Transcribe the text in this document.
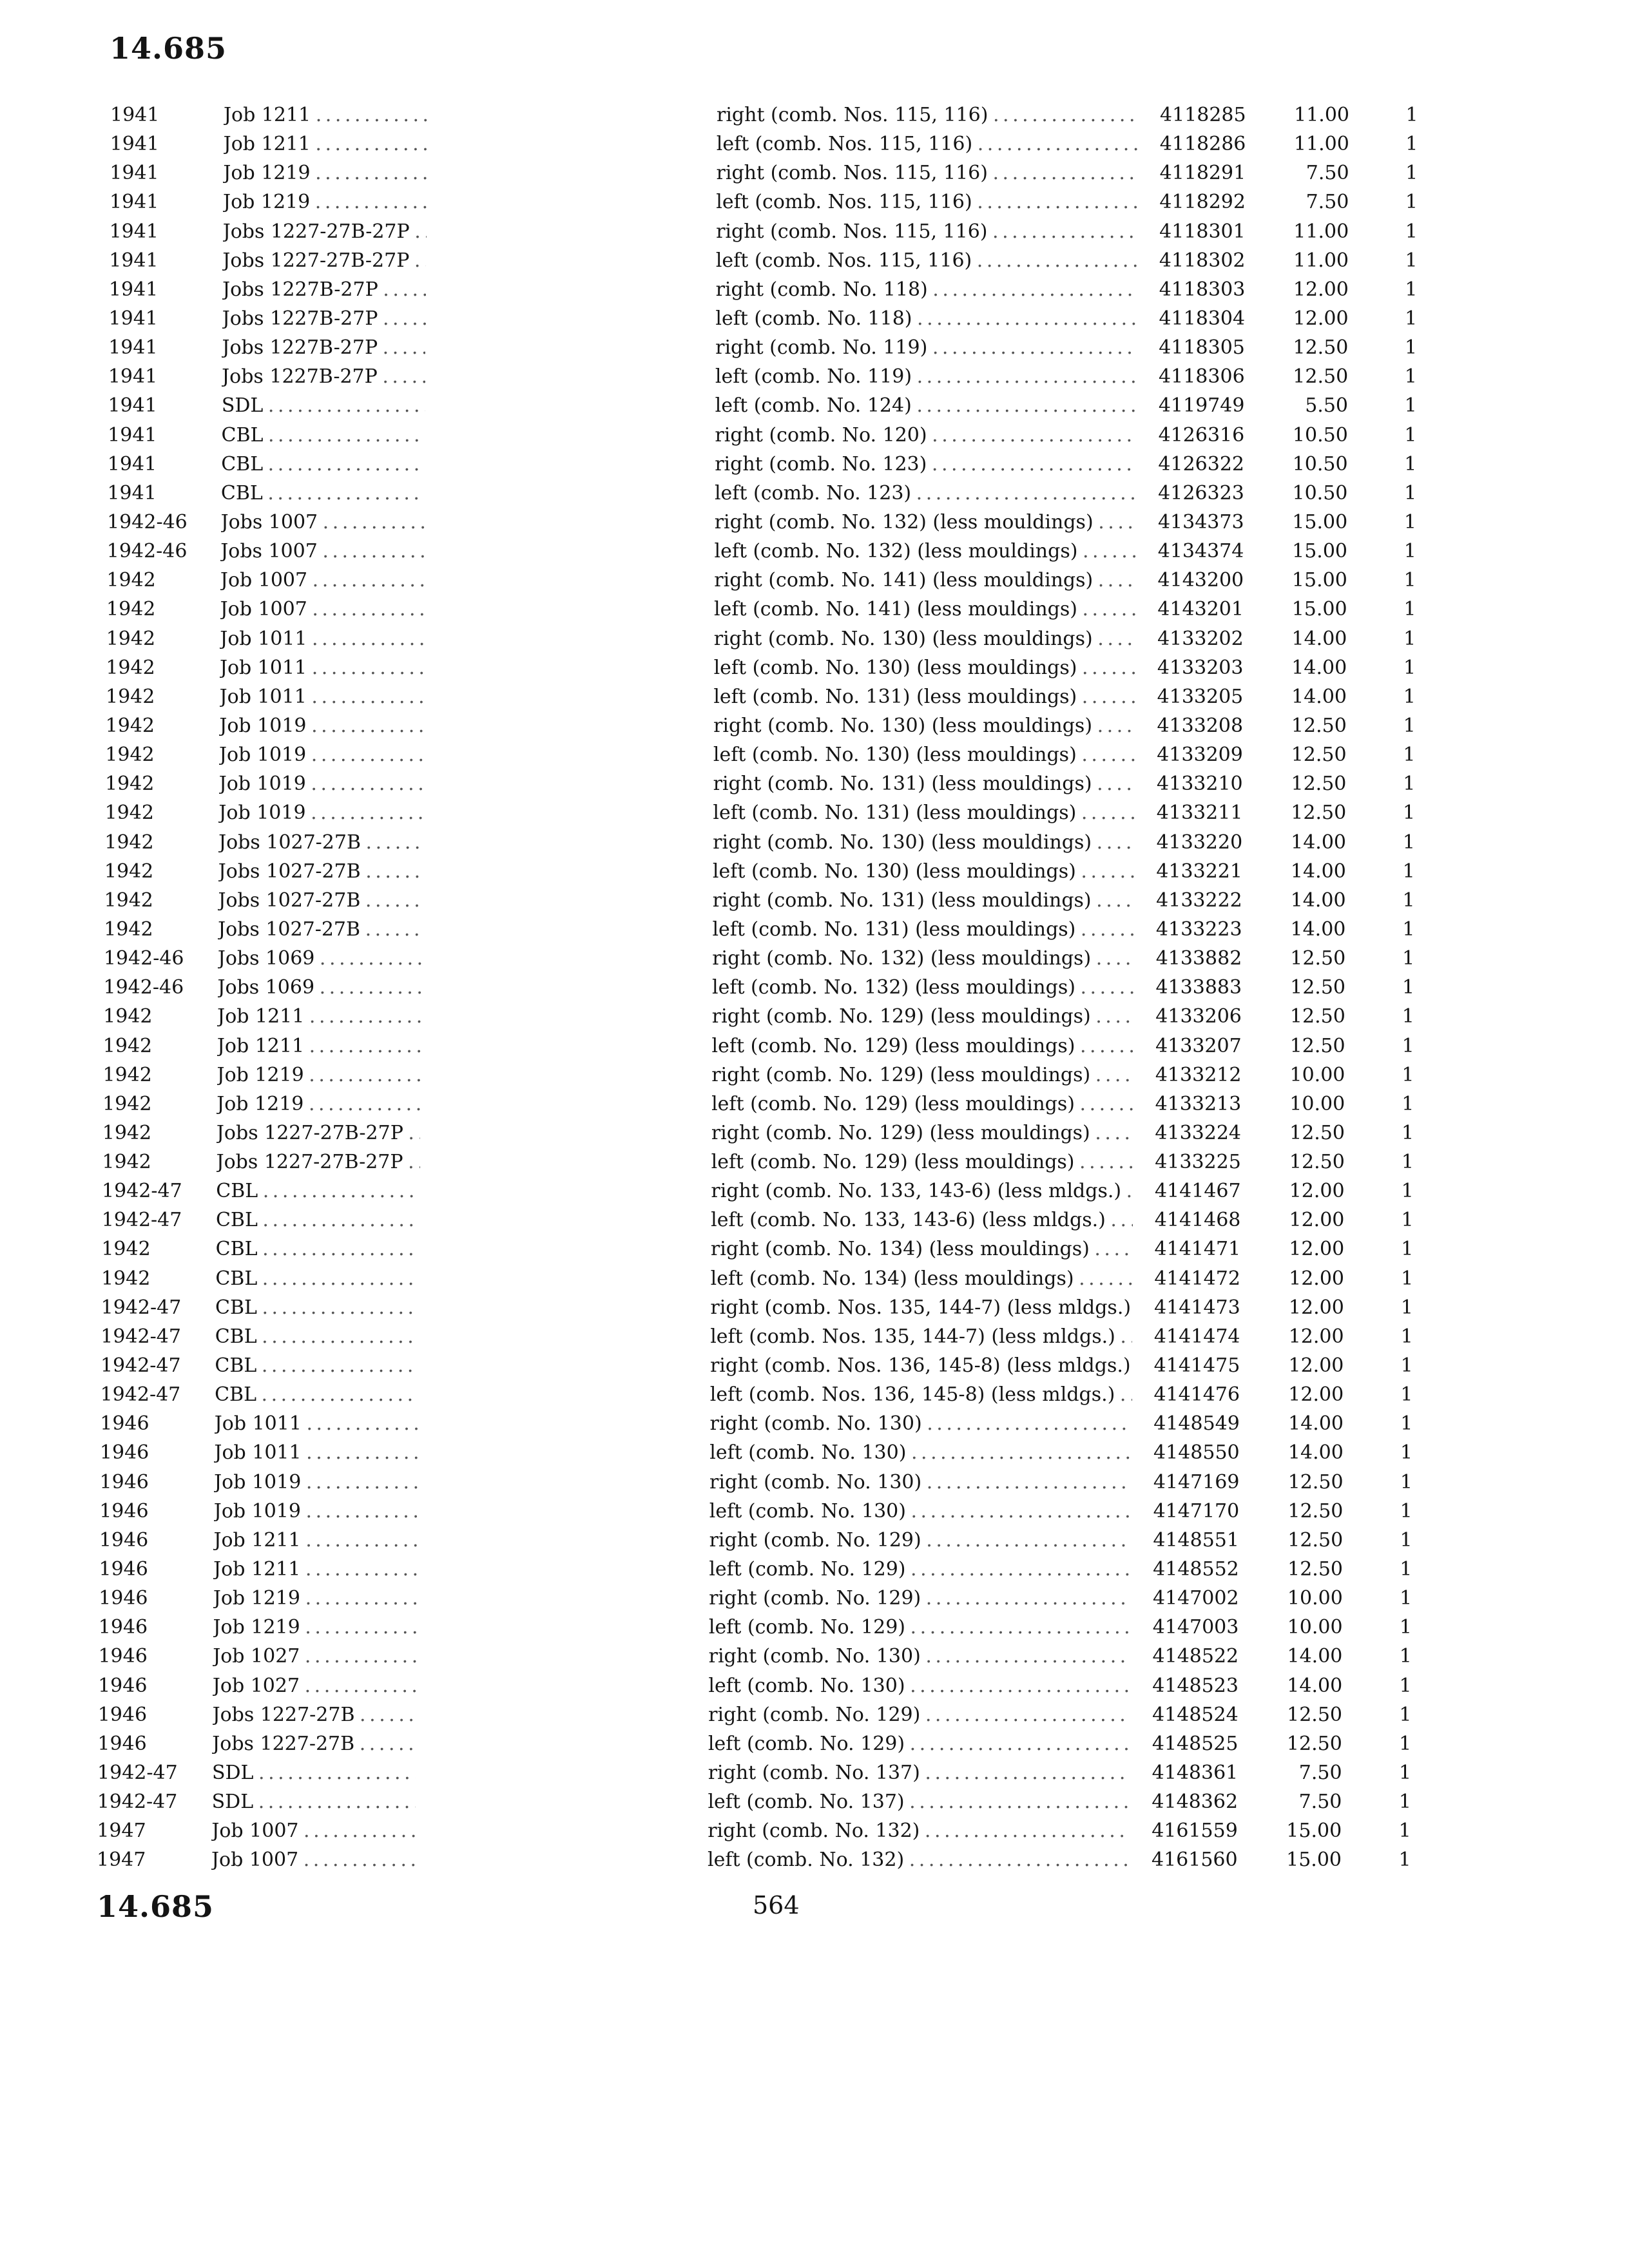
14.685
1941	Job 1211 . . .	right (comb. Nos. 115, 116) . . .	4118285	11.00	1
1941	Job 1211 . . .	left (comb. Nos. 115, 116) . . .	4118286	11.00	1
1941	Job 1219 . . .	right (comb. Nos. 115, 116) . . .	4118291	7.50	1
1941	Job 1219 . . .	left (comb. Nos. 115, 116) . . .	4118292	7.50	1
1941	Jobs 1227-27B-27P . . .	right (comb. Nos. 115, 116) . . .	4118301	11.00	1
1941	Jobs 1227-27B-27P . . .	left (comb. Nos. 115, 116) . . .	4118302	11.00	1
1941	Jobs 1227B-27P . . .	right (comb. No. 118) . . .	4118303	12.00	1
1941	Jobs 1227B-27P . . .	left (comb. No. 118) . . .	4118304	12.00	1
1941	Jobs 1227B-27P . . .	right (comb. No. 119) . . .	4118305	12.50	1
1941	Jobs 1227B-27P . . .	left (comb. No. 119) . . .	4118306	12.50	1
1941	SDL . . .	left (comb. No. 124) . . .	4119749	5.50	1
1941	CBL . . .	right (comb. No. 120) . . .	4126316	10.50	1
1941	CBL . . .	right (comb. No. 123) . . .	4126322	10.50	1
1941	CBL . . .	left (comb. No. 123) . . .	4126323	10.50	1
1942-46	Jobs 1007 . . .	right (comb. No. 132) (less mouldings) . . .	4134373	15.00	1
1942-46	Jobs 1007 . . .	left (comb. No. 132) (less mouldings) . . .	4134374	15.00	1
1942	Job 1007 . . .	right (comb. No. 141) (less mouldings) . . .	4143200	15.00	1
1942	Job 1007 . . .	left (comb. No. 141) (less mouldings) . . .	4143201	15.00	1
1942	Job 1011 . . .	right (comb. No. 130) (less mouldings) . . .	4133202	14.00	1
1942	Job 1011 . . .	left (comb. No. 130) (less mouldings) . . .	4133203	14.00	1
1942	Job 1011 . . .	left (comb. No. 131) (less mouldings) . . .	4133205	14.00	1
1942	Job 1019 . . .	right (comb. No. 130) (less mouldings) . . .	4133208	12.50	1
1942	Job 1019 . . .	left (comb. No. 130) (less mouldings) . . .	4133209	12.50	1
1942	Job 1019 . . .	right (comb. No. 131) (less mouldings) . . .	4133210	12.50	1
1942	Job 1019 . . .	left (comb. No. 131) (less mouldings) . . .	4133211	12.50	1
1942	Jobs 1027-27B . . .	right (comb. No. 130) (less mouldings) . . .	4133220	14.00	1
1942	Jobs 1027-27B . . .	left (comb. No. 130) (less mouldings) . . .	4133221	14.00	1
1942	Jobs 1027-27B . . .	right (comb. No. 131) (less mouldings) . . .	4133222	14.00	1
1942	Jobs 1027-27B . . .	left (comb. No. 131) (less mouldings) . . .	4133223	14.00	1
1942-46	Jobs 1069 . . .	right (comb. No. 132) (less mouldings) . . .	4133882	12.50	1
1942-46	Jobs 1069 . . .	left (comb. No. 132) (less mouldings) . . .	4133883	12.50	1
1942	Job 1211 . . .	right (comb. No. 129) (less mouldings) . . .	4133206	12.50	1
1942	Job 1211 . . .	left (comb. No. 129) (less mouldings) . . .	4133207	12.50	1
1942	Job 1219 . . .	right (comb. No. 129) (less mouldings) . . .	4133212	10.00	1
1942	Job 1219 . . .	left (comb. No. 129) (less mouldings) . . .	4133213	10.00	1
1942	Jobs 1227-27B-27P . . .	right (comb. No. 129) (less mouldings) . . .	4133224	12.50	1
1942	Jobs 1227-27B-27P . . .	left (comb. No. 129) (less mouldings) . . .	4133225	12.50	1
1942-47	CBL . . .	right (comb. No. 133, 143-6) (less mldgs.) . . .	4141467	12.00	1
1942-47	CBL . . .	left (comb. No. 133, 143-6) (less mldgs.) . . .	4141468	12.00	1
1942	CBL . . .	right (comb. No. 134) (less mouldings) . . .	4141471	12.00	1
1942	CBL . . .	left (comb. No. 134) (less mouldings) . . .	4141472	12.00	1
1942-47	CBL . . .	right (comb. Nos. 135, 144-7) (less mldgs.) . . . 4141473	12.00	1
1942-47	CBL . . .	left (comb. Nos. 135, 144-7) (less mldgs.) . . .	4141474	12.00	1
1942-47	CBL . . .	right (comb. Nos. 136, 145-8) (less mldgs.) . . . 4141475	12.00	1
1942-47	CBL . . .	left (comb. Nos. 136, 145-8) (less mldgs.) . . .	4141476	12.00	1
1946	Job 1011 . . .	right (comb. No. 130) . . .	4148549	14.00	1
1946	Job 1011 . . .	left (comb. No. 130) . . .	4148550	14.00	1
1946	Job 1019 . . .	right (comb. No. 130) . . .	4147169	12.50	1
1946	Job 1019 . . .	left (comb. No. 130) . . .	4147170	12.50	1
1946	Job 1211 . . .	right (comb. No. 129) . . .	4148551	12.50	1
1946	Job 1211 . . .	left (comb. No. 129) . . .	4148552	12.50	1
1946	Job 1219 . . .	right (comb. No. 129) . . .	4147002	10.00	1
1946	Job 1219 . . .	left (comb. No. 129) . . .	4147003	10.00	1
1946	Job 1027 . . .	right (comb. No. 130) . . .	4148522	14.00	1
1946	Job 1027 . . .	left (comb. No. 130) . . .	4148523	14.00	1
1946	Jobs 1227-27B . . .	right (comb. No. 129) . . .	4148524	12.50	1
1946	Jobs 1227-27B . . .	left (comb. No. 129) . . .	4148525	12.50	1
1942-47	SDL . . .	right (comb. No. 137) . . .	4148361	7.50	1
1942-47	SDL . . .	left (comb. No. 137) . . .	4148362	7.50	1
1947	Job 1007 . . .	right (comb. No. 132) . . .	4161559	15.00	1
1947	Job 1007 . . .	left (comb. No. 132) . . .	4161560	15.00	1
14.685	564
